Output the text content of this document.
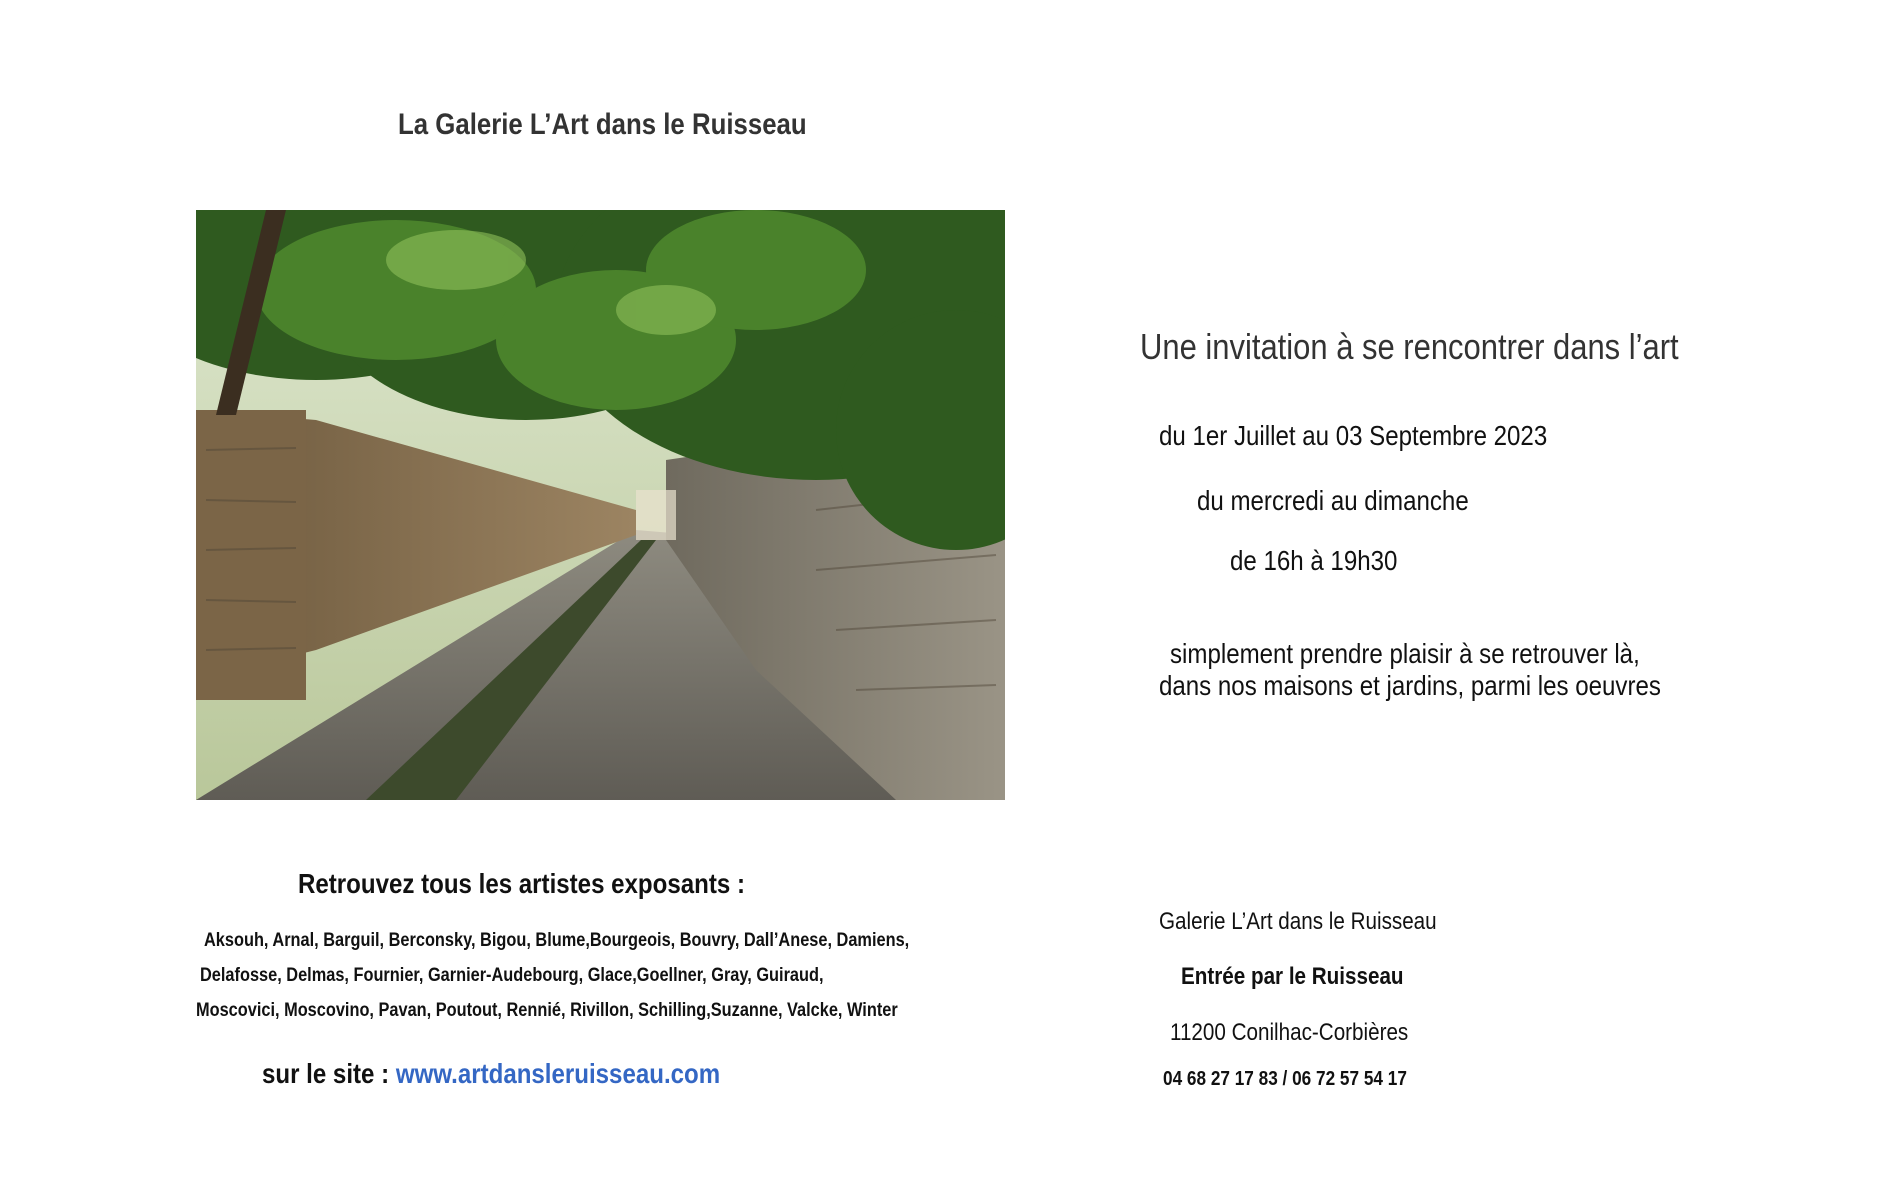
La Galerie L’Art dans le Ruisseau
Une invitation à se rencontrer dans l’art
du 1er Juillet au 03 Septembre 2023
du mercredi au dimanche
de 16h à 19h30
simplement prendre plaisir à se retrouver là,
dans nos maisons et jardins, parmi les oeuvres
Retrouvez tous les artistes exposants :
Aksouh, Arnal, Barguil, Berconsky, Bigou, Blume,Bourgeois, Bouvry, Dall’Anese, Damiens,
Delafosse, Delmas, Fournier, Garnier-Audebourg, Glace,Goellner, Gray, Guiraud,
Moscovici, Moscovino, Pavan, Poutout, Rennié, Rivillon, Schilling,Suzanne, Valcke, Winter
sur le site : www.artdansleruisseau.com
Galerie L’Art dans le Ruisseau
Entrée par le Ruisseau
11200 Conilhac-Corbières
04 68 27 17 83 / 06 72 57 54 17
